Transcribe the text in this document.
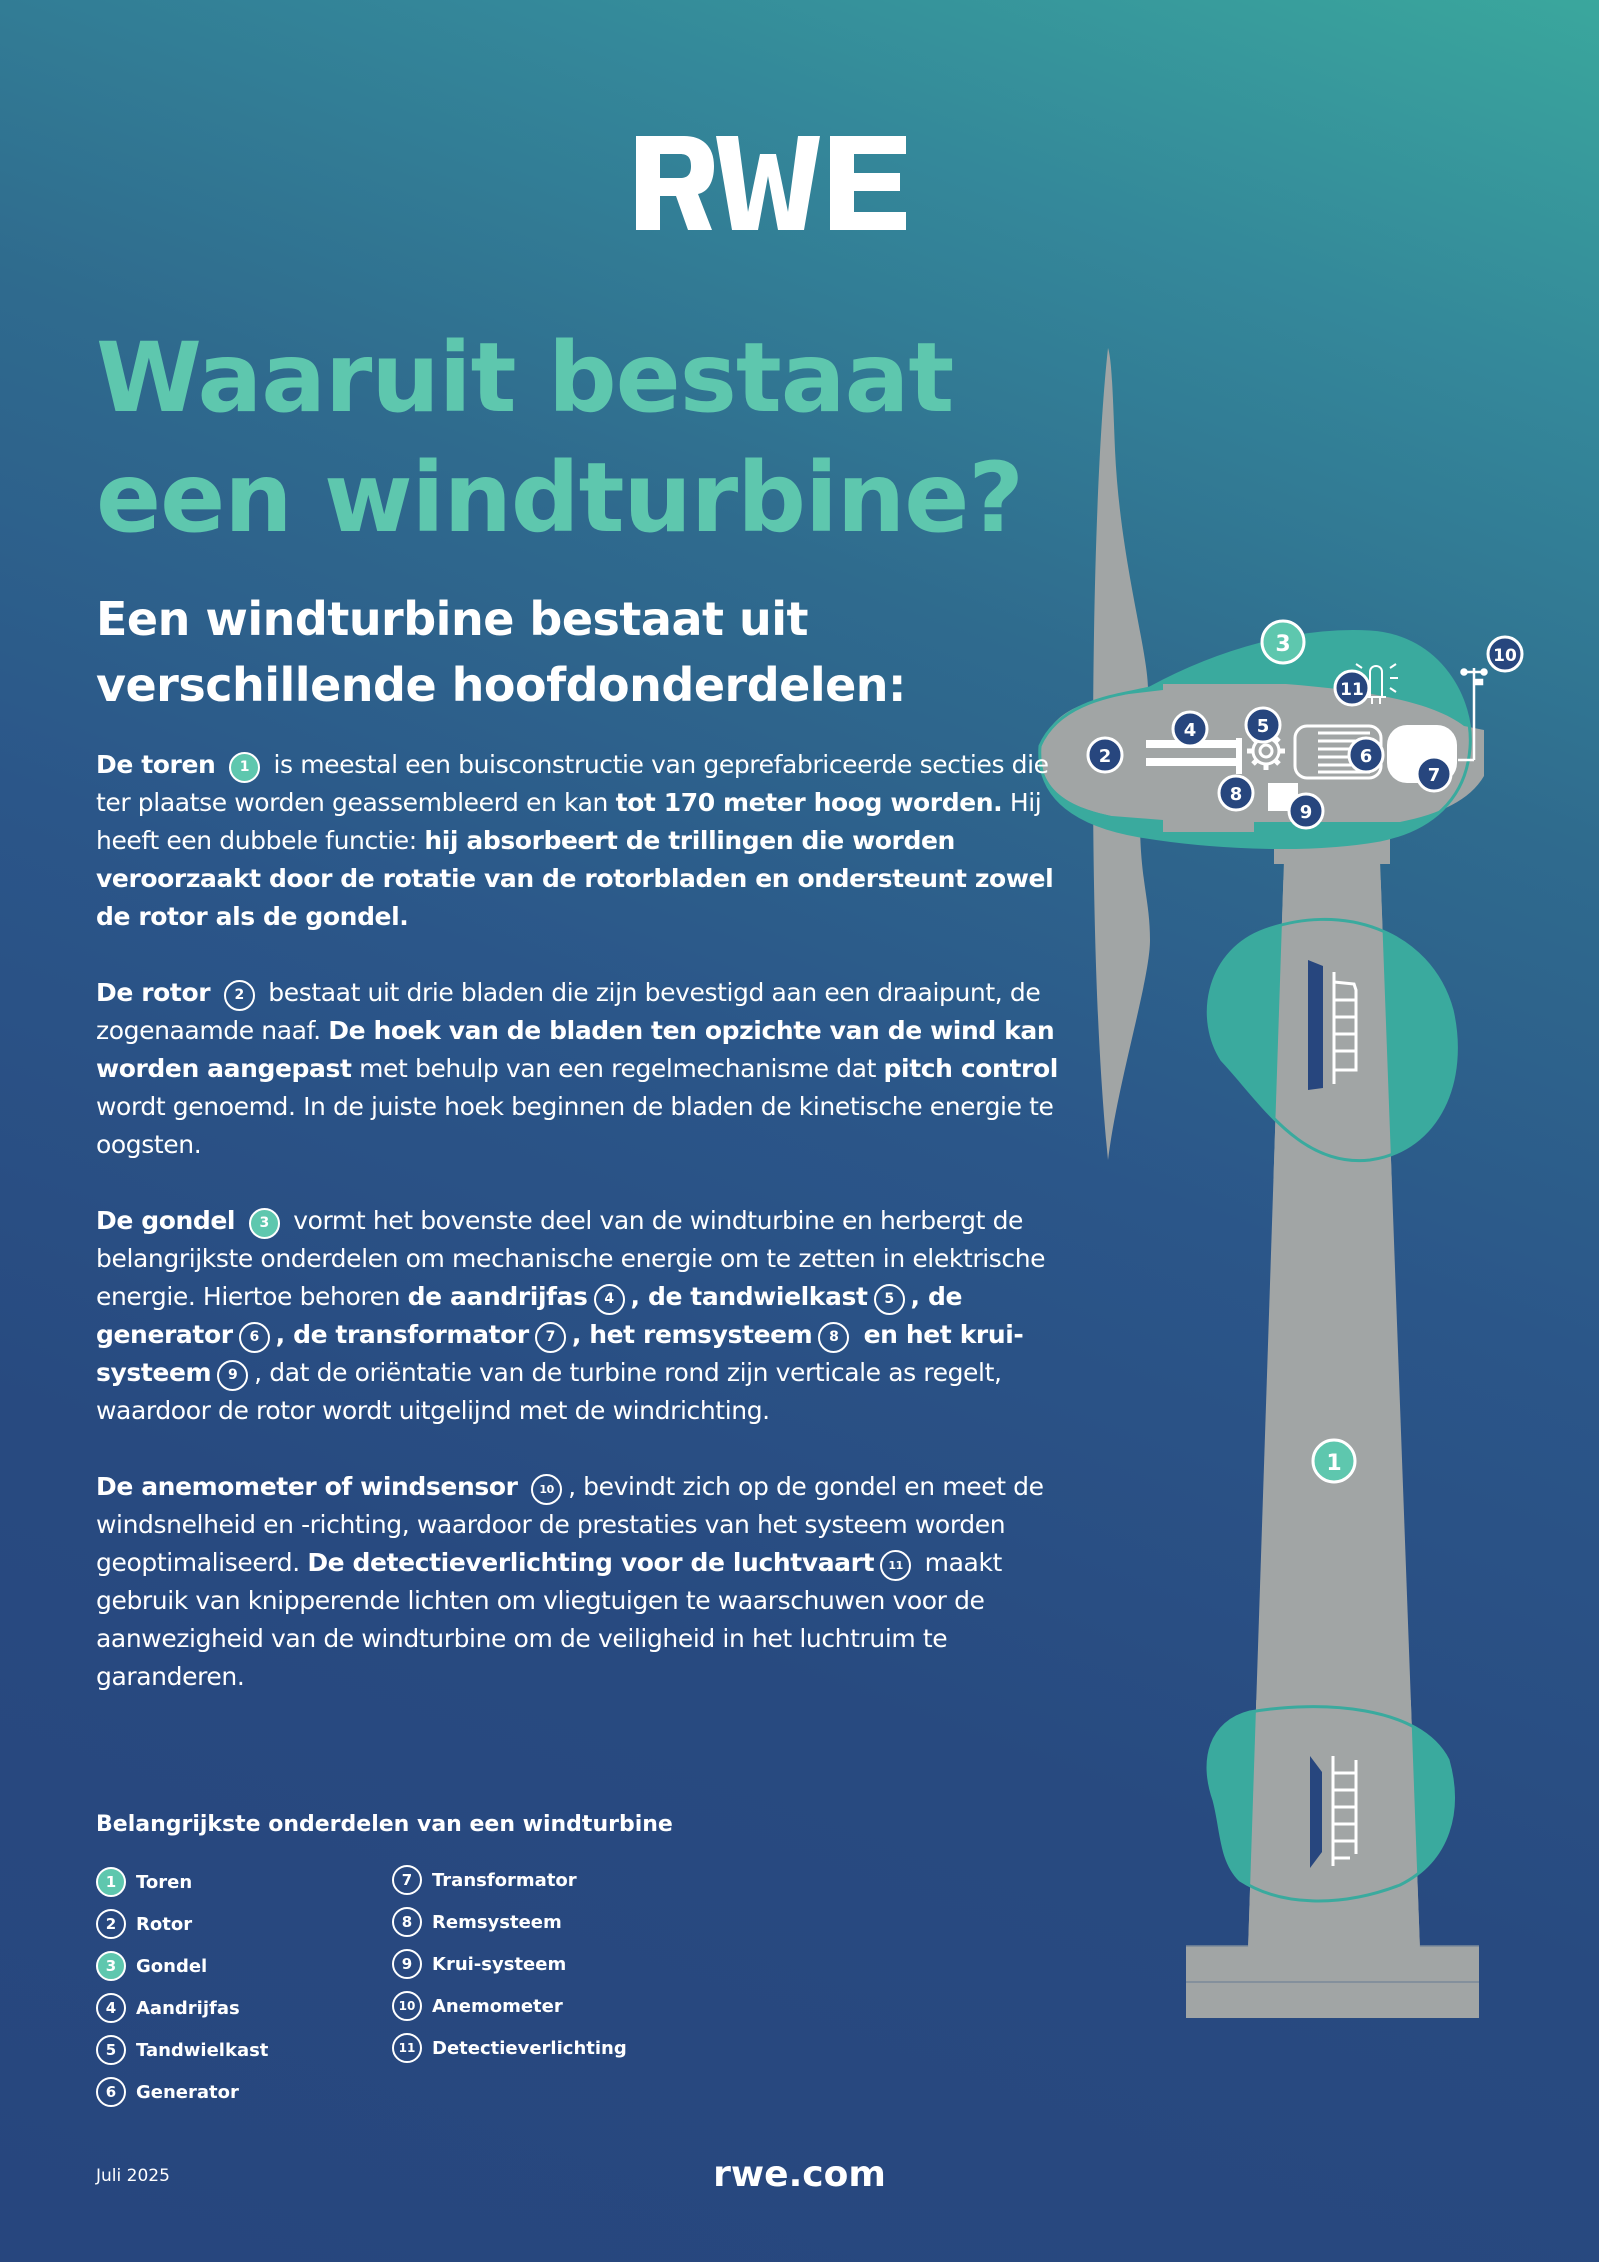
3	10
11
2
4	5
6
7
8
9
1
Waaruit bestaat
een windturbine?
Een windturbine bestaat uit
verschillende hoofdonderdelen:

De toren 1 is meestal een buisconstructie van geprefabriceerde secties die ter plaatse worden geassembleerd en kan tot 170 meter hoog worden. Hij heeft een dubbele functie: hij absorbeert de trillingen die worden veroorzaakt door de rotatie van de rotorbladen en ondersteunt zowel de rotor als de gondel.

De rotor 2 bestaat uit drie bladen die zijn bevestigd aan een draaipunt, de zogenaamde naaf. De hoek van de bladen ten opzichte van de wind kan worden aangepast met behulp van een regelmechanisme dat pitch control wordt genoemd. In de juiste hoek beginnen de bladen de kinetische energie te oogsten.

De gondel 3 vormt het bovenste deel van de windturbine en herbergt de belangrijkste onderdelen om mechanische energie om te zetten in elektrische energie. Hiertoe behoren de aandrijfas 4 , de tandwielkast 5 , de generator 6 , de transformator 7 , het remsysteem 8 en het krui-systeem 9 , dat de oriëntatie van de turbine rond zijn verticale as regelt, waardoor de rotor wordt uitgelijnd met de windrichting.

De anemometer of windsensor 10 , bevindt zich op de gondel en meet de windsnelheid en -richting, waardoor de prestaties van het systeem worden geoptimaliseerd. De detectieverlichting voor de luchtvaart 11 maakt gebruik van knipperende lichten om vliegtuigen te waarschuwen voor de aanwezigheid van de windturbine om de veiligheid in het luchtruim te garanderen.

Belangrijkste onderdelen van een windturbine
1	Toren
2	Rotor
3	Gondel
4	Aandrijfas
5	Tandwielkast
6	Generator
7	Transformator
8	Remsysteem
9	Krui-systeem
10 Anemometer
11 Detectieverlichting
Juli 2025	rwe.com
